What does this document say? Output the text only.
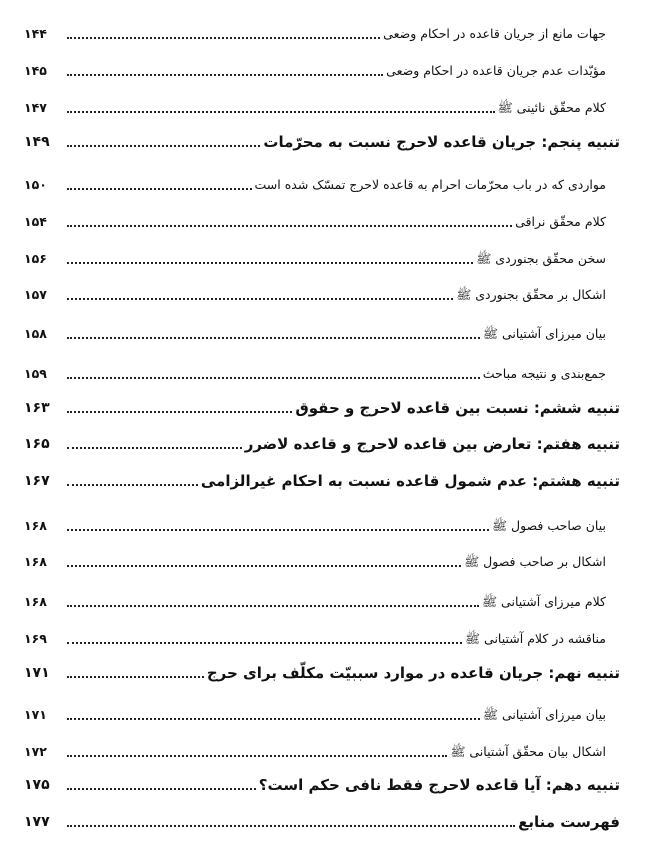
جهات مانع از جریان قاعده در احکام وضعی
۱۴۴
مؤیّدات عدم جریان قاعده در احکام وضعی
۱۴۵
کلام محقّق نائینی ﷺ
۱۴۷
تنبیه پنجم: جریان قاعده لاحرج نسبت به محرّمات
۱۴۹
مواردی که در باب محرّمات احرام به قاعده لاحرج تمسّک شده است
۱۵۰
کلام محقّق نراقی
۱۵۴
سخن محقّق بجنوردی ﷺ
۱۵۶
اشکال بر محقّق بجنوردی ﷺ
۱۵۷
بیان میرزای آشتیانی ﷺ
۱۵۸
جمع‌بندی و نتیجه مباحث
۱۵۹
تنبیه ششم: نسبت بین قاعده لاحرج و حقوق
۱۶۳
تنبیه هفتم: تعارض بین قاعده لاحرج و قاعده لاضرر
۱۶۵
تنبیه هشتم: عدم شمول قاعده نسبت به احکام غیرالزامی
۱۶۷
بیان صاحب فصول ﷺ
۱۶۸
اشکال بر صاحب فصول ﷺ
۱۶۸
کلام میرزای آشتیانی ﷺ
۱۶۸
مناقشه در کلام آشتیانی ﷺ
۱۶۹
تنبیه نهم: جریان قاعده در موارد سببیّت مکلّف برای حرج
۱۷۱
بیان میرزای آشتیانی ﷺ
۱۷۱
اشکال بیان محقّق آشتیانی ﷺ
۱۷۲
تنبیه دهم: آیا قاعده لاحرج فقط نافی حکم است؟
۱۷۵
فهرست منابع
۱۷۷
